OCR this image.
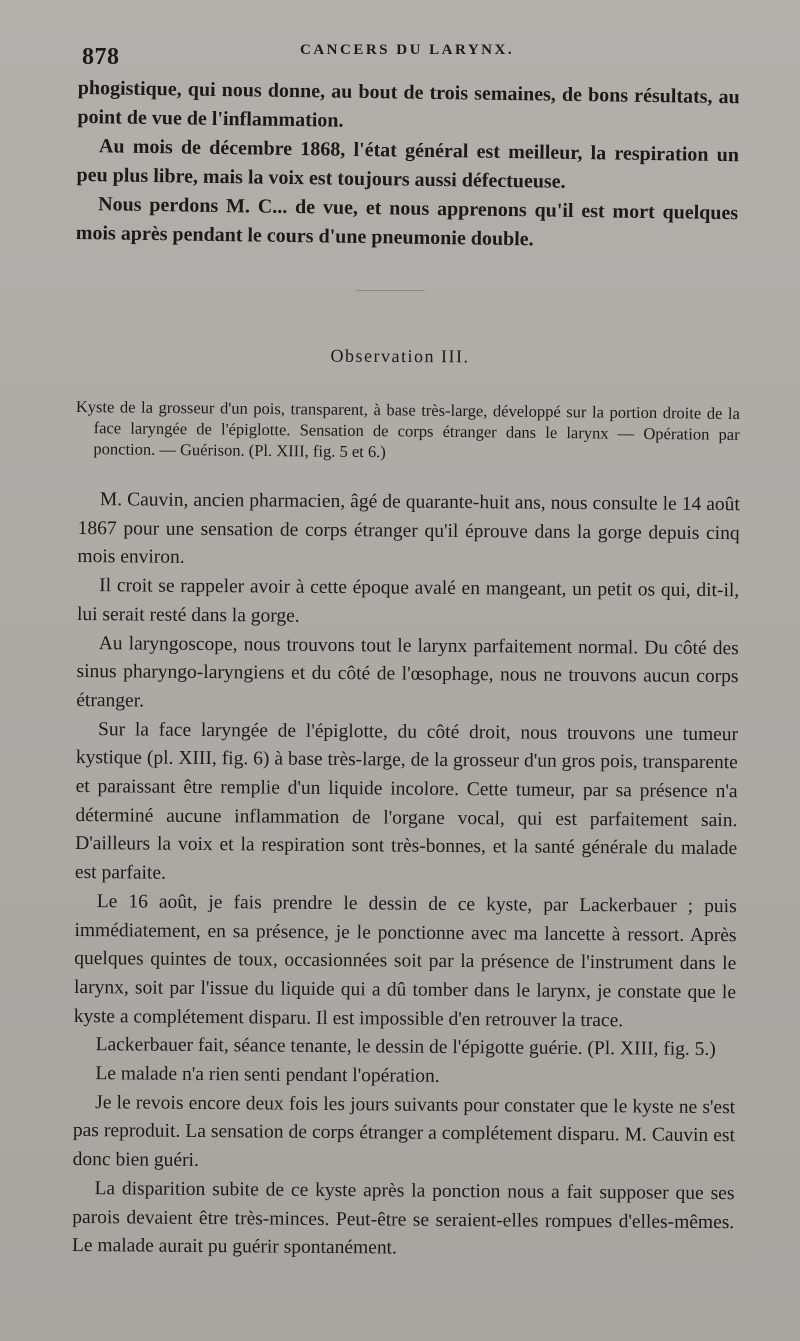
878	CANCERS DU LARYNX.

phogistique, qui nous donne, au bout de trois semaines, de bons résultats, au point de vue de l'inflammation.

Au mois de décembre 1868, l'état général est meilleur, la respiration un peu plus libre, mais la voix est toujours aussi défectueuse.

Nous perdons M. C... de vue, et nous apprenons qu'il est mort quelques mois après pendant le cours d'une pneumonie double.

Observation III.

Kyste de la grosseur d'un pois, transparent, à base très-large, développé sur la portion droite de la face laryngée de l'épiglotte. Sensation de corps étranger dans le larynx — Opération par ponction. — Guérison. (Pl. XIII, fig. 5 et 6.)

M. Cauvin, ancien pharmacien, âgé de quarante-huit ans, nous consulte le 14 août 1867 pour une sensation de corps étranger qu'il éprouve dans la gorge depuis cinq mois environ.

Il croit se rappeler avoir à cette époque avalé en mangeant, un petit os qui, dit-il, lui serait resté dans la gorge.

Au laryngoscope, nous trouvons tout le larynx parfaitement normal. Du côté des sinus pharyngo-laryngiens et du côté de l'œsophage, nous ne trouvons aucun corps étranger.

Sur la face laryngée de l'épiglotte, du côté droit, nous trouvons une tumeur kystique (pl. XIII, fig. 6) à base très-large, de la grosseur d'un gros pois, transparente et paraissant être remplie d'un liquide incolore. Cette tumeur, par sa présence n'a déterminé aucune inflammation de l'organe vocal, qui est parfaitement sain. D'ailleurs la voix et la respiration sont très-bonnes, et la santé générale du malade est parfaite.

Le 16 août, je fais prendre le dessin de ce kyste, par Lackerbauer ; puis immédiatement, en sa présence, je le ponctionne avec ma lancette à ressort. Après quelques quintes de toux, occasionnées soit par la présence de l'instrument dans le larynx, soit par l'issue du liquide qui a dû tomber dans le larynx, je constate que le kyste a complétement disparu. Il est impossible d'en retrouver la trace.

Lackerbauer fait, séance tenante, le dessin de l'épigotte guérie. (Pl. XIII, fig. 5.)

Le malade n'a rien senti pendant l'opération.

Je le revois encore deux fois les jours suivants pour constater que le kyste ne s'est pas reproduit. La sensation de corps étranger a complétement disparu. M. Cauvin est donc bien guéri.

La disparition subite de ce kyste après la ponction nous a fait supposer que ses parois devaient être très-minces. Peut-être se seraient-elles rompues d'elles-mêmes. Le malade aurait pu guérir spontanément.
